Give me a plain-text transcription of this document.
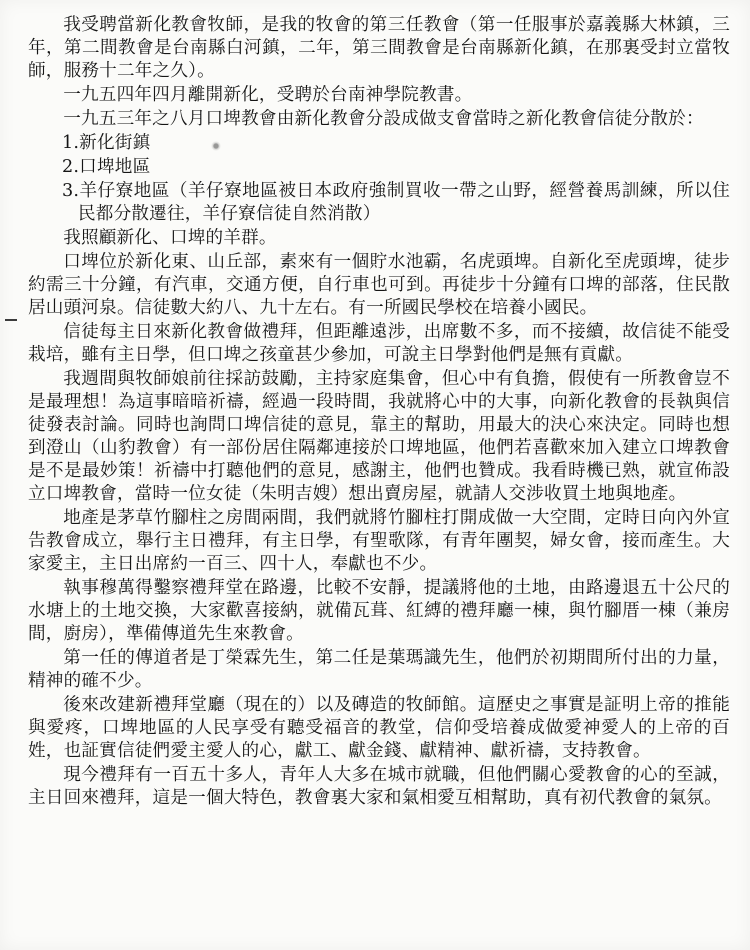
我受聘當新化教會牧師，是我的牧會的第三任教會（第一任服事於嘉義縣大林鎮，三年，第二間教會是台南縣白河鎮，二年，第三間教會是台南縣新化鎮，在那裏受封立當牧師，服務十二年之久）。

一九五四年四月離開新化，受聘於台南神學院教書。

一九五三年之八月口埤教會由新化教會分設成做支會當時之新化教會信徒分散於：

1.新化街鎮

2.口埤地區

3.羊仔寮地區（羊仔寮地區被日本政府強制買收一帶之山野，經營養馬訓練，所以住民都分散遷往，羊仔寮信徒自然消散）

我照顧新化、口埤的羊群。

口埤位於新化東、山丘部，素來有一個貯水池霸，名虎頭埤。自新化至虎頭埤，徒步約需三十分鐘，有汽車，交通方便，自行車也可到。再徒步十分鐘有口埤的部落，住民散居山頭河泉。信徒數大約八、九十左右。有一所國民學校在培養小國民。

信徒每主日來新化教會做禮拜，但距離遠涉，出席數不多，而不接續，故信徒不能受栽培，雖有主日學，但口埤之孩童甚少參加，可說主日學對他們是無有貢獻。

我週間與牧師娘前往採訪鼓勵，主持家庭集會，但心中有負擔，假使有一所教會豈不是最理想！為這事暗暗祈禱，經過一段時間，我就將心中的大事，向新化教會的長執與信徒發表討論。同時也詢問口埤信徒的意見，靠主的幫助，用最大的決心來決定。同時也想到澄山（山豹教會）有一部份居住隔鄰連接於口埤地區，他們若喜歡來加入建立口埤教會是不是最妙策！祈禱中打聽他們的意見，感謝主，他們也贊成。我看時機已熟，就宣佈設立口埤教會，當時一位女徒（朱明吉嫂）想出賣房屋，就請人交涉收買土地與地產。

地產是茅草竹腳柱之房間兩間，我們就將竹腳柱打開成做一大空間，定時日向內外宣告教會成立，舉行主日禮拜，有主日學，有聖歌隊，有青年團契，婦女會，接而產生。大家愛主，主日出席約一百三、四十人，奉獻也不少。

執事穆萬得鑿察禮拜堂在路邊，比較不安靜，提議將他的土地，由路邊退五十公尺的水塘上的土地交換，大家歡喜接納，就備瓦葺、紅縛的禮拜廳一棟，與竹腳厝一棟（兼房間，廚房），準備傳道先生來教會。

第一任的傳道者是丁榮霖先生，第二任是葉瑪識先生，他們於初期間所付出的力量，精神的確不少。

後來改建新禮拜堂廳（現在的）以及磚造的牧師館。這歷史之事實是証明上帝的推能與愛疼，口埤地區的人民享受有聽受福音的教堂，信仰受培養成做愛神愛人的上帝的百姓，也証實信徒們愛主愛人的心，獻工、獻金錢、獻精神、獻祈禱，支持教會。

現今禮拜有一百五十多人，青年人大多在城市就職，但他們關心愛教會的心的至誠，主日回來禮拜，這是一個大特色，教會裏大家和氣相愛互相幫助，真有初代教會的氣氛。
